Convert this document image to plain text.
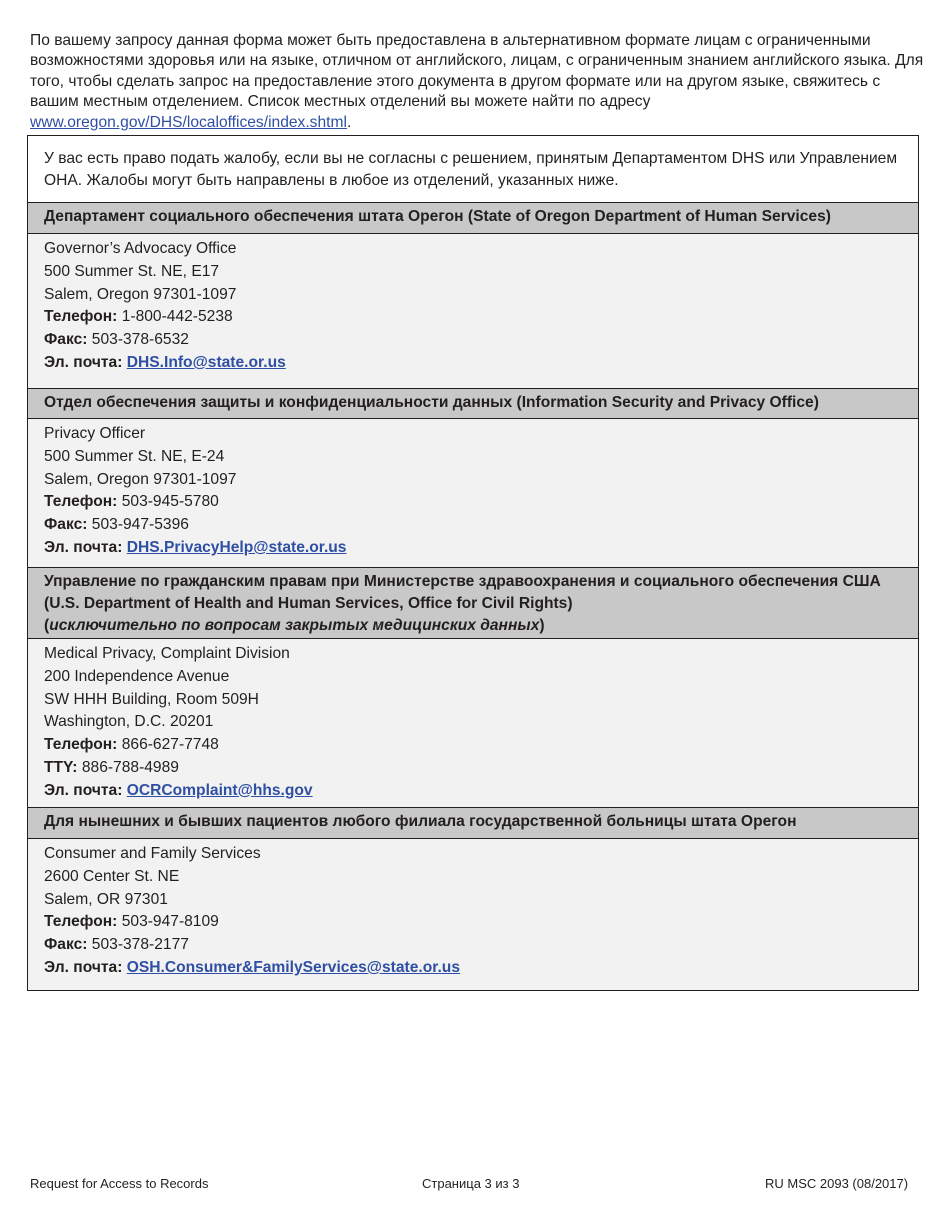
По вашему запросу данная форма может быть предоставлена в альтернативном формате лицам с ограниченными возможностями здоровья или на языке, отличном от английского, лицам, с ограниченным знанием английского языка. Для того, чтобы сделать запрос на предоставление этого документа в другом формате или на другом языке, свяжитесь с вашим местным отделением. Список местных отделений вы можете найти по адресу
www.oregon.gov/DHS/localoffices/index.shtml.
У вас есть право подать жалобу, если вы не согласны с решением, принятым Департаментом DHS или Управлением OHA. Жалобы могут быть направлены в любое из отделений, указанных ниже.
Департамент социального обеспечения штата Орегон (State of Oregon Department of Human Services)
Governor’s Advocacy Office
500 Summer St. NE, E17
Salem, Oregon 97301-1097
Телефон: 1-800-442-5238
Факс: 503-378-6532
Эл. почта: DHS.Info@state.or.us
Отдел обеспечения защиты и конфиденциальности данных (Information Security and Privacy Office)
Privacy Officer
500 Summer St. NE, E-24
Salem, Oregon 97301-1097
Телефон: 503-945-5780
Факс: 503-947-5396
Эл. почта: DHS.PrivacyHelp@state.or.us
Управление по гражданским правам при Министерстве здравоохранения и социального обеспечения США (U.S. Department of Health and Human Services, Office for Civil Rights)
(исключительно по вопросам закрытых медицинских данных)
Medical Privacy, Complaint Division
200 Independence Avenue
SW HHH Building, Room 509H
Washington, D.C. 20201
Телефон: 866-627-7748
TTY: 886-788-4989
Эл. почта: OCRComplaint@hhs.gov
Для нынешних и бывших пациентов любого филиала государственной больницы штата Орегон
Consumer and Family Services
2600 Center St. NE
Salem, OR 97301
Телефон: 503-947-8109
Факс: 503-378-2177
Эл. почта: OSH.Consumer&FamilyServices@state.or.us
Request for Access to Records	Страница 3 из 3	RU MSC 2093 (08/2017)
